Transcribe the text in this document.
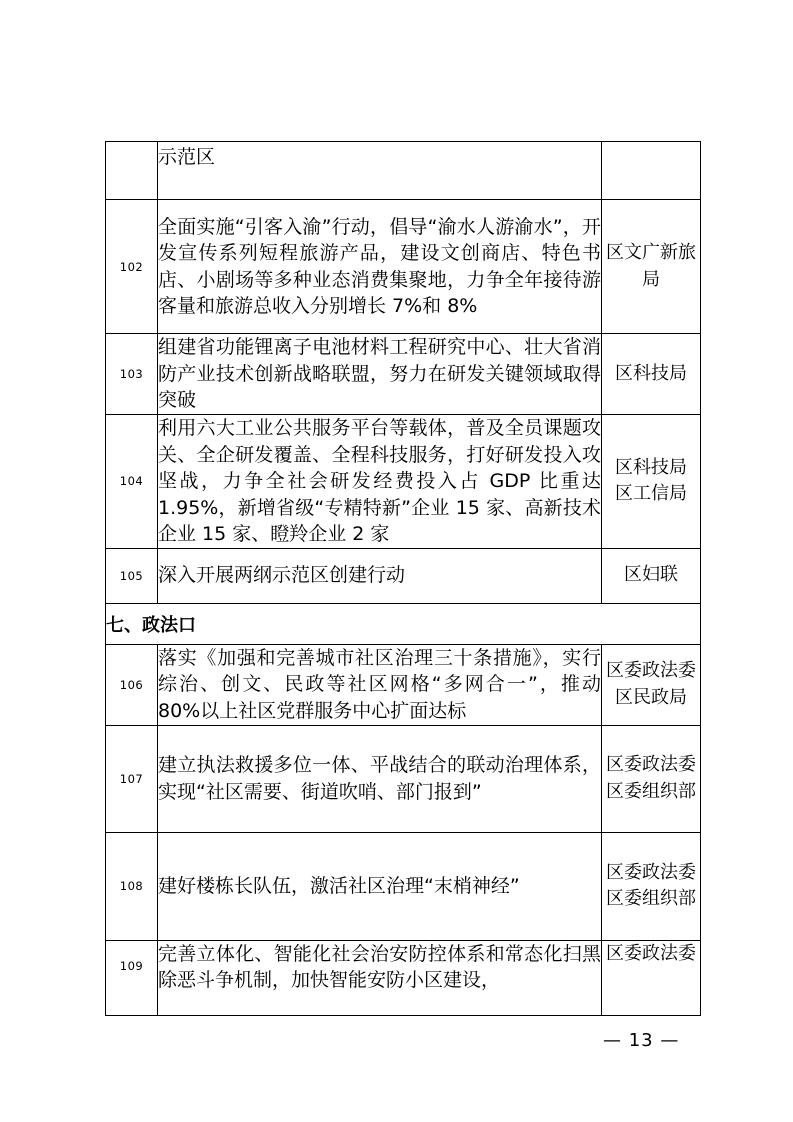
	示范区	
102	全面实施“引客入渝”行动，倡导“渝水人游渝水”，开发宣传系列短程旅游产品，建设文创商店、特色书店、小剧场等多种业态消费集聚地，力争全年接待游客量和旅游总收入分别增长 7%和 8%	区文广新旅局
103	组建省功能锂离子电池材料工程研究中心、壮大省消防产业技术创新战略联盟，努力在研发关键领域取得突破	区科技局
104	利用六大工业公共服务平台等载体，普及全员课题攻关、全企研发覆盖、全程科技服务，打好研发投入攻坚战，力争全社会研发经费投入占 GDP 比重达 1.95%，新增省级“专精特新”企业 15 家、高新技术企业 15 家、瞪羚企业 2 家	区科技局
区工信局
105	深入开展两纲示范区创建行动	区妇联
七、政法口		
106	落实《加强和完善城市社区治理三十条措施》，实行综治、创文、民政等社区网格“多网合一”，推动 80%以上社区党群服务中心扩面达标	区委政法委
区民政局
107	建立执法救援多位一体、平战结合的联动治理体系，实现“社区需要、街道吹哨、部门报到”	区委政法委
区委组织部
108	建好楼栋长队伍，激活社区治理“末梢神经”	区委政法委
区委组织部
109	完善立体化、智能化社会治安防控体系和常态化扫黑除恶斗争机制，加快智能安防小区建设，	区委政法委
— 13 —
